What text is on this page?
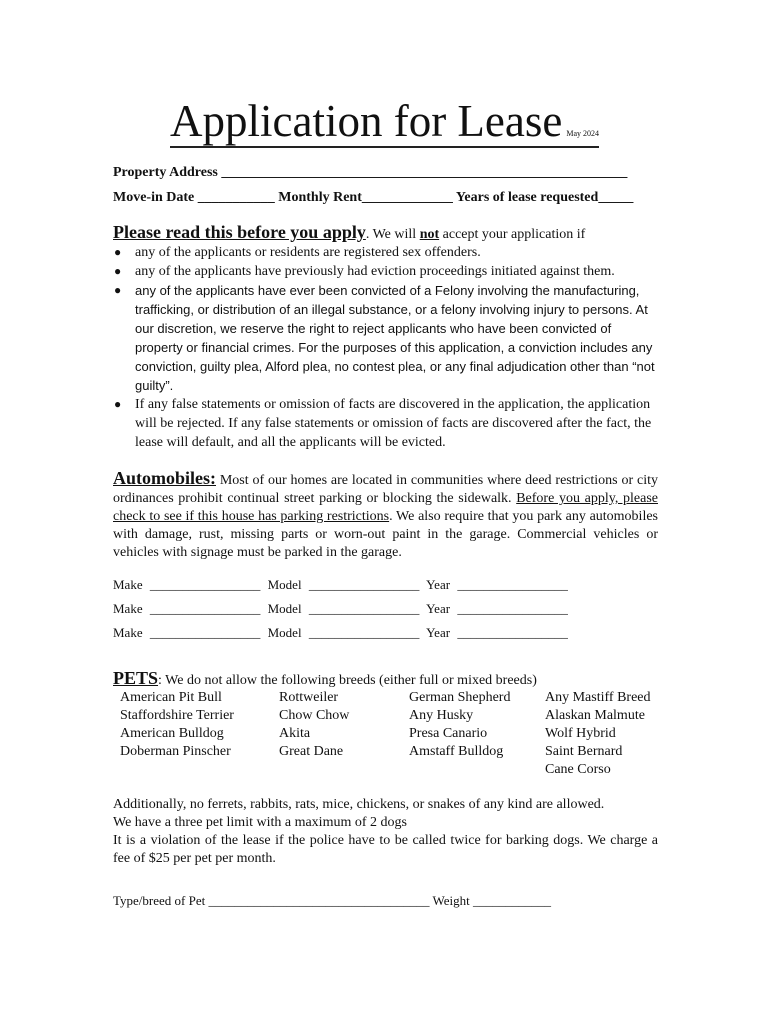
Application for Lease May 2024
Property Address __________________________________________________________
Move-in Date ___________ Monthly Rent_____________ Years of lease requested_____
Please read this before you apply. We will not accept your application if
● any of the applicants or residents are registered sex offenders.
● any of the applicants have previously had eviction proceedings initiated against them.
● any of the applicants have ever been convicted of a Felony involving the manufacturing, trafficking, or distribution of an illegal substance, or a felony involving injury to persons. At our discretion, we reserve the right to reject applicants who have been convicted of property or financial crimes. For the purposes of this application, a conviction includes any conviction, guilty plea, Alford plea, no contest plea, or any final adjudication other than “not guilty”.
● If any false statements or omission of facts are discovered in the application, the application will be rejected. If any false statements or omission of facts are discovered after the fact, the lease will default, and all the applicants will be evicted.
Automobiles: Most of our homes are located in communities where deed restrictions or city ordinances prohibit continual street parking or blocking the sidewalk. Before you apply, please check to see if this house has parking restrictions. We also require that you park any automobiles with damage, rust, missing parts or worn-out paint in the garage. Commercial vehicles or vehicles with signage must be parked in the garage.
Make _________________ Model _________________ Year _________________
Make _________________ Model _________________ Year _________________
Make _________________ Model _________________ Year _________________
PETS: We do not allow the following breeds (either full or mixed breeds)
American Pit Bull
Staffordshire Terrier
American Bulldog
Doberman Pinscher
Rottweiler
Chow Chow
Akita
Great Dane
German Shepherd
Any Husky
Presa Canario
Amstaff Bulldog
Any Mastiff Breed
Alaskan Malmute
Wolf Hybrid
Saint Bernard
Cane Corso
Additionally, no ferrets, rabbits, rats, mice, chickens, or snakes of any kind are allowed.
We have a three pet limit with a maximum of 2 dogs
It is a violation of the lease if the police have to be called twice for barking dogs. We charge a fee of $25 per pet per month.
Type/breed of Pet __________________________________ Weight ____________
